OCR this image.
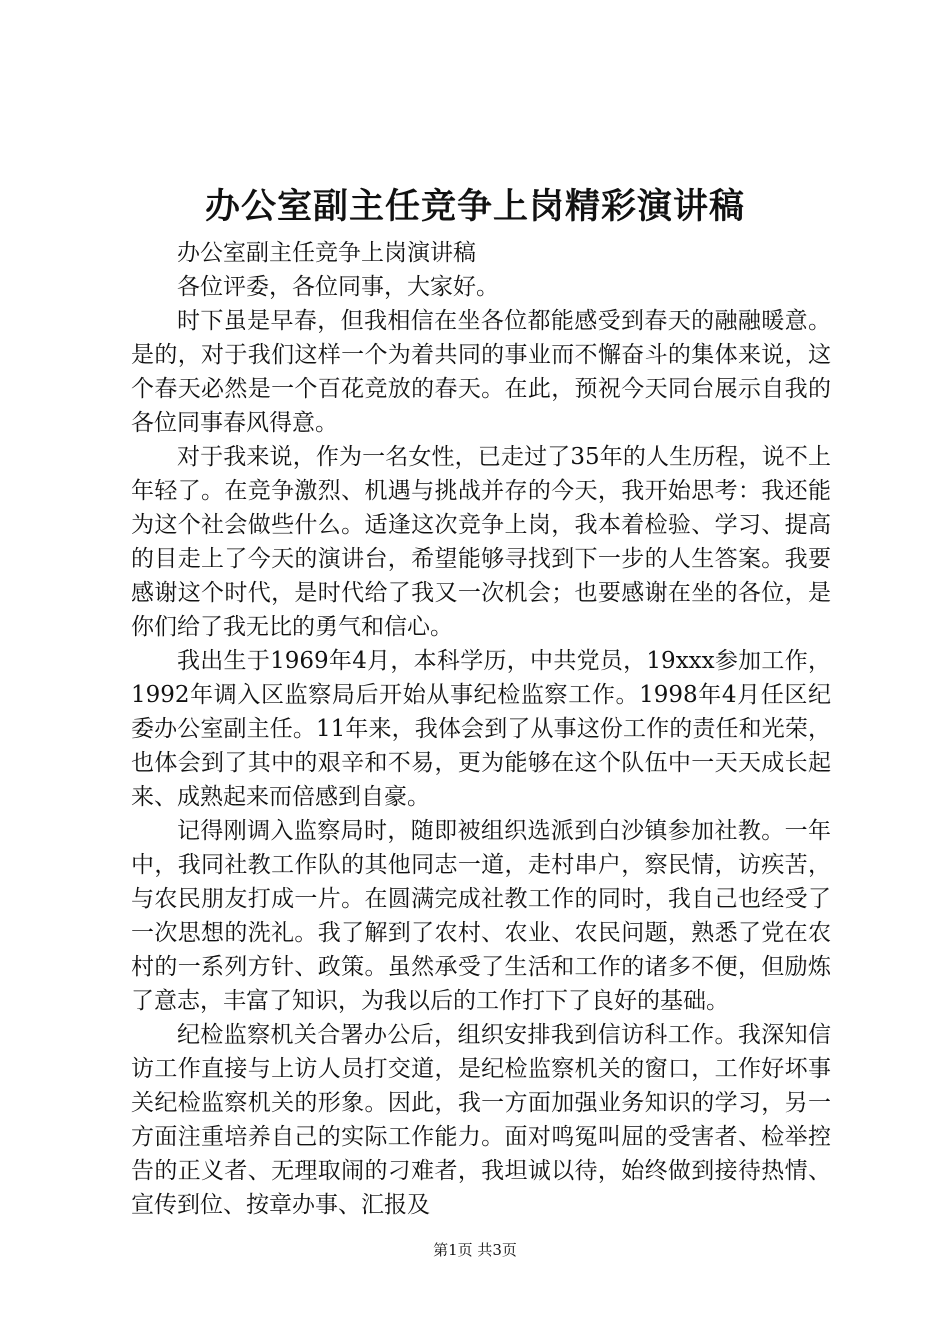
办公室副主任竞争上岗精彩演讲稿

办公室副主任竞争上岗演讲稿

各位评委，各位同事，大家好。

时下虽是早春，但我相信在坐各位都能感受到春天的融融暖意。是的，对于我们这样一个为着共同的事业而不懈奋斗的集体来说，这个春天必然是一个百花竞放的春天。在此，预祝今天同台展示自我的各位同事春风得意。

对于我来说，作为一名女性，已走过了35年的人生历程，说不上年轻了。在竞争激烈、机遇与挑战并存的今天，我开始思考：我还能为这个社会做些什么。适逢这次竞争上岗，我本着检验、学习、提高的目走上了今天的演讲台，希望能够寻找到下一步的人生答案。我要感谢这个时代，是时代给了我又一次机会；也要感谢在坐的各位，是你们给了我无比的勇气和信心。

我出生于1969年4月，本科学历，中共党员，19xxx参加工作，1992年调入区监察局后开始从事纪检监察工作。1998年4月任区纪委办公室副主任。11年来，我体会到了从事这份工作的责任和光荣，也体会到了其中的艰辛和不易，更为能够在这个队伍中一天天成长起来、成熟起来而倍感到自豪。

记得刚调入监察局时，随即被组织选派到白沙镇参加社教。一年中，我同社教工作队的其他同志一道，走村串户，察民情，访疾苦，与农民朋友打成一片。在圆满完成社教工作的同时，我自己也经受了一次思想的洗礼。我了解到了农村、农业、农民问题，熟悉了党在农村的一系列方针、政策。虽然承受了生活和工作的诸多不便，但励炼了意志，丰富了知识，为我以后的工作打下了良好的基础。

纪检监察机关合署办公后，组织安排我到信访科工作。我深知信访工作直接与上访人员打交道，是纪检监察机关的窗口，工作好坏事关纪检监察机关的形象。因此，我一方面加强业务知识的学习，另一方面注重培养自己的实际工作能力。面对鸣冤叫屈的受害者、检举控告的正义者、无理取闹的刁难者，我坦诚以待，始终做到接待热情、宣传到位、按章办事、汇报及

第1页 共3页
